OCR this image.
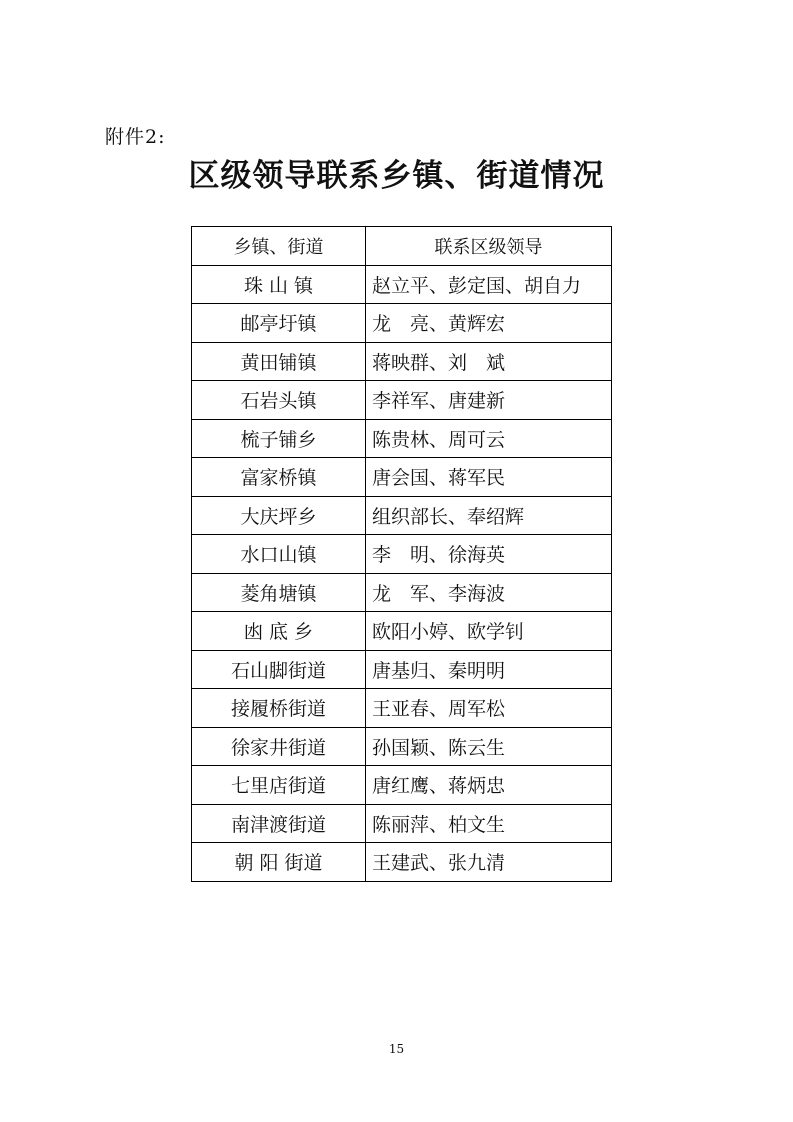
附件2:
区级领导联系乡镇、街道情况
乡镇、街道	联系区级领导
珠 山 镇	赵立平、彭定国、胡自力
邮亭圩镇	龙　亮、黄辉宏
黄田铺镇	蒋映群、刘　斌
石岩头镇	李祥军、唐建新
梳子铺乡	陈贵林、周可云
富家桥镇	唐会国、蒋军民
大庆坪乡	组织部长、奉绍辉
水口山镇	李　明、徐海英
菱角塘镇	龙　军、李海波
凼 底 乡	欧阳小婷、欧学钊
石山脚街道	唐基归、秦明明
接履桥街道	王亚春、周军松
徐家井街道	孙国颖、陈云生
七里店街道	唐红鹰、蒋炳忠
南津渡街道	陈丽萍、柏文生
朝 阳 街道	王建武、张九清
15
